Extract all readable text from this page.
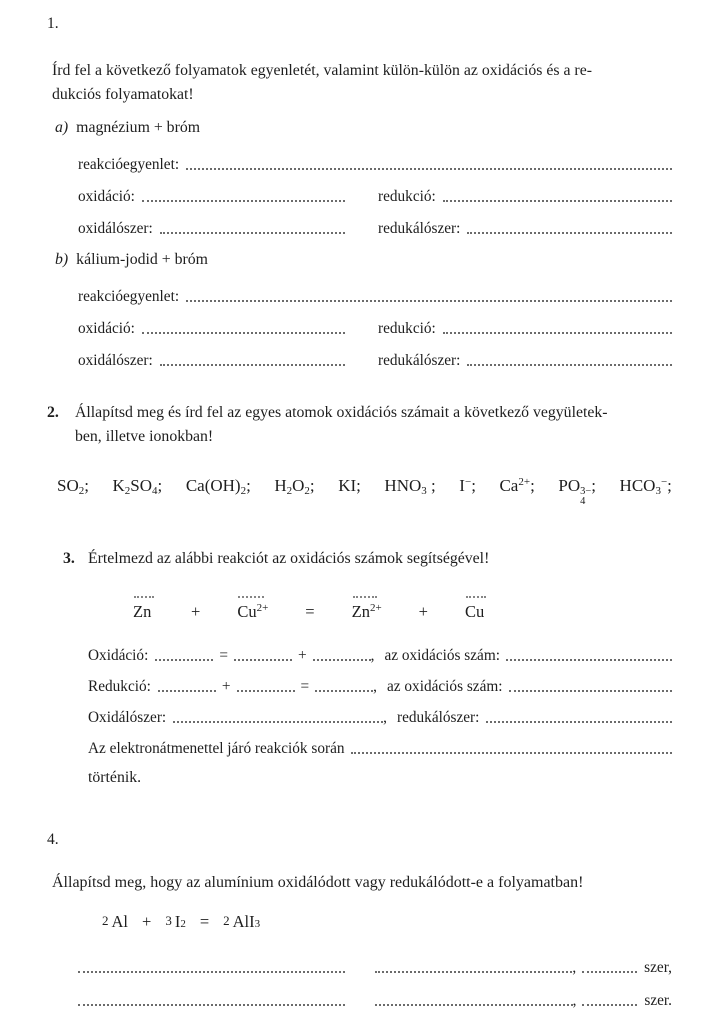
1.
Írd fel a következő folyamatok egyenletét, valamint külön-külön az oxidációs és a re-
dukciós folyamatokat!
a) magnézium + bróm
reakcióegyenlet:
oxidáció:	redukció:
oxidálószer:	redukálószer:
b) kálium-jodid + bróm
reakcióegyenlet:
oxidáció:	redukció:
oxidálószer:	redukálószer:
2.	Állapítsd meg és írd fel az egyes atomok oxidációs számait a következő vegyületek-
ben, illetve ionokban!
$SO_2$; $K_2SO_4$; $Ca(OH)_2$; $H_2O_2$; KI; $HNO_3$ ; I−; $Ca^{2+}$; PO 3−
4
; $HCO_3^-$;
3. Értelmezd az alábbi reakciót az oxidációs számok segítségével!
$Zn + Cu^{2+} = Zn^{2+} + Cu$
Oxidáció:	=	+	, az oxidációs szám:
Redukció:	+	=	, az oxidációs szám:
Oxidálószer:	, redukálószer:
Az elektronátmenettel járó reakciók során
történik.
4.
Állapítsd meg, hogy az alumínium oxidálódott vagy redukálódott-e a folyamatban!
2 Al + 3 I 2 = 2 AlI 3
,	szer,
,	szer.
